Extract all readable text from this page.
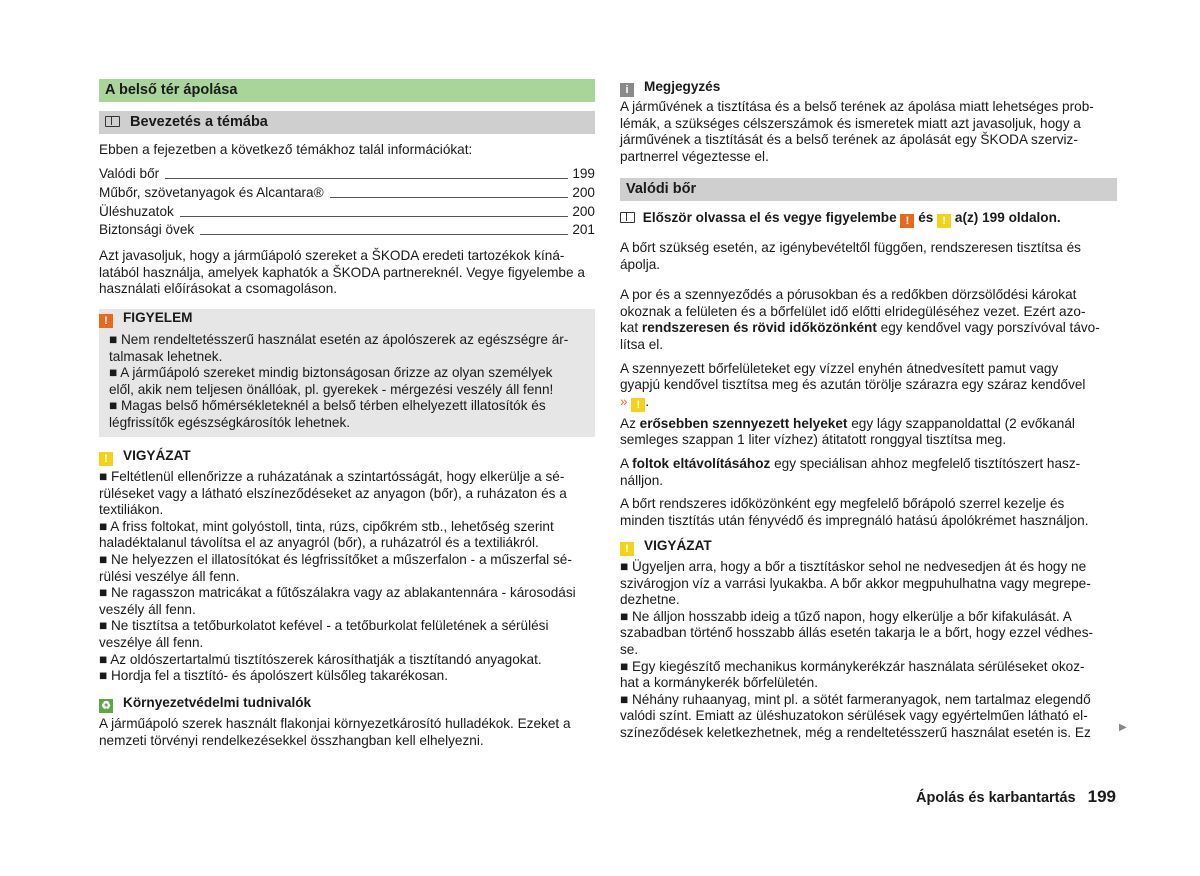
A belső tér ápolása
Bevezetés a témába

Ebben a fejezetben a következő témákhoz talál információkat:

Valódi bőr	199
Műbőr, szövetanyagok és Alcantara®	200
Üléshuzatok	200
Biztonsági övek	201

Azt javasoljuk, hogy a járműápoló szereket a ŠKODA eredeti tartozékok kíná-

latából használja, amelyek kaphatók a ŠKODA partnereknél. Vegye figyelembe a

használati előírásokat a csomagoláson.

! FIGYELEM

■ Nem rendeltetésszerű használat esetén az ápolószerek az egészségre ár-

talmasak lehetnek.

■ A járműápoló szereket mindig biztonságosan őrizze az olyan személyek

elől, akik nem teljesen önállóak, pl. gyerekek - mérgezési veszély áll fenn!

■ Magas belső hőmérsékleteknél a belső térben elhelyezett illatosítók és

légfrissítők egészségkárosítók lehetnek.

! VIGYÁZAT

■ Feltétlenül ellenőrizze a ruházatának a szintartósságát, hogy elkerülje a sé-

rüléseket vagy a látható elszíneződéseket az anyagon (bőr), a ruházaton és a

textiliákon.

■ A friss foltokat, mint golyóstoll, tinta, rúzs, cipőkrém stb., lehetőség szerint

haladéktalanul távolítsa el az anyagról (bőr), a ruházatról és a textiliákról.

■ Ne helyezzen el illatosítókat és légfrissítőket a műszerfalon - a műszerfal sé-

rülési veszélye áll fenn.

■ Ne ragasszon matricákat a fűtőszálakra vagy az ablakantennára - károsodási

veszély áll fenn.

■ Ne tisztítsa a tetőburkolatot kefével - a tetőburkolat felületének a sérülési

veszélye áll fenn.

■ Az oldószertartalmú tisztítószerek károsíthatják a tisztítandó anyagokat.

■ Hordja fel a tisztító- és ápolószert külsőleg takarékosan.

♻ Környezetvédelmi tudnivalók

A járműápoló szerek használt flakonjai környezetkárosító hulladékok. Ezeket a

nemzeti törvényi rendelkezésekkel összhangban kell elhelyezni.

i Megjegyzés

A járművének a tisztítása és a belső terének az ápolása miatt lehetséges prob-

lémák, a szükséges célszerszámok és ismeretek miatt azt javasoljuk, hogy a

járművének a tisztítását és a belső terének az ápolását egy ŠKODA szerviz-

partnerrel végeztesse el.

Valódi bőr
Először olvassa el és vegye figyelembe ! és ! a(z) 199 oldalon.

A bőrt szükség esetén, az igénybevételtől függően, rendszeresen tisztítsa és

ápolja.

A por és a szennyeződés a pórusokban és a redőkben dörzsölődési károkat

okoznak a felületen és a bőrfelület idő előtti elridegüléséhez vezet. Ezért azo-

kat rendszeresen és rövid időközönként egy kendővel vagy porszívóval távo-

lítsa el.

A szennyezett bőrfelületeket egy vízzel enyhén átnedvesített pamut vagy

gyapjú kendővel tisztítsa meg és azután törölje szárazra egy száraz kendővel

» ! .

Az erősebben szennyezett helyeket egy lágy szappanoldattal (2 evőkanál

semleges szappan 1 liter vízhez) átitatott ronggyal tisztítsa meg.

A foltok eltávolításához egy speciálisan ahhoz megfelelő tisztítószert hasz-

nálljon.

A bőrt rendszeres időközönként egy megfelelő bőrápoló szerrel kezelje és

minden tisztítás után fényvédő és impregnáló hatású ápolókrémet használjon.

! VIGYÁZAT

■ Ügyeljen arra, hogy a bőr a tisztításkor sehol ne nedvesedjen át és hogy ne

szivárogjon víz a varrási lyukakba. A bőr akkor megpuhulhatna vagy megrepe-

dezhetne.

■ Ne álljon hosszabb ideig a tűző napon, hogy elkerülje a bőr kifakulását. A

szabadban történő hosszabb állás esetén takarja le a bőrt, hogy ezzel védhes-

se.

■ Egy kiegészítő mechanikus kormánykerékzár használata sérüléseket okoz-

hat a kormánykerék bőrfelületén.

■ Néhány ruhaanyag, mint pl. a sötét farmeranyagok, nem tartalmaz elegendő

valódi színt. Emiatt az üléshuzatokon sérülések vagy egyértelműen látható el-

színeződések keletkezhetnek, még a rendeltetésszerű használat esetén is. Ez	▶
Ápolás és karbantartás 199
